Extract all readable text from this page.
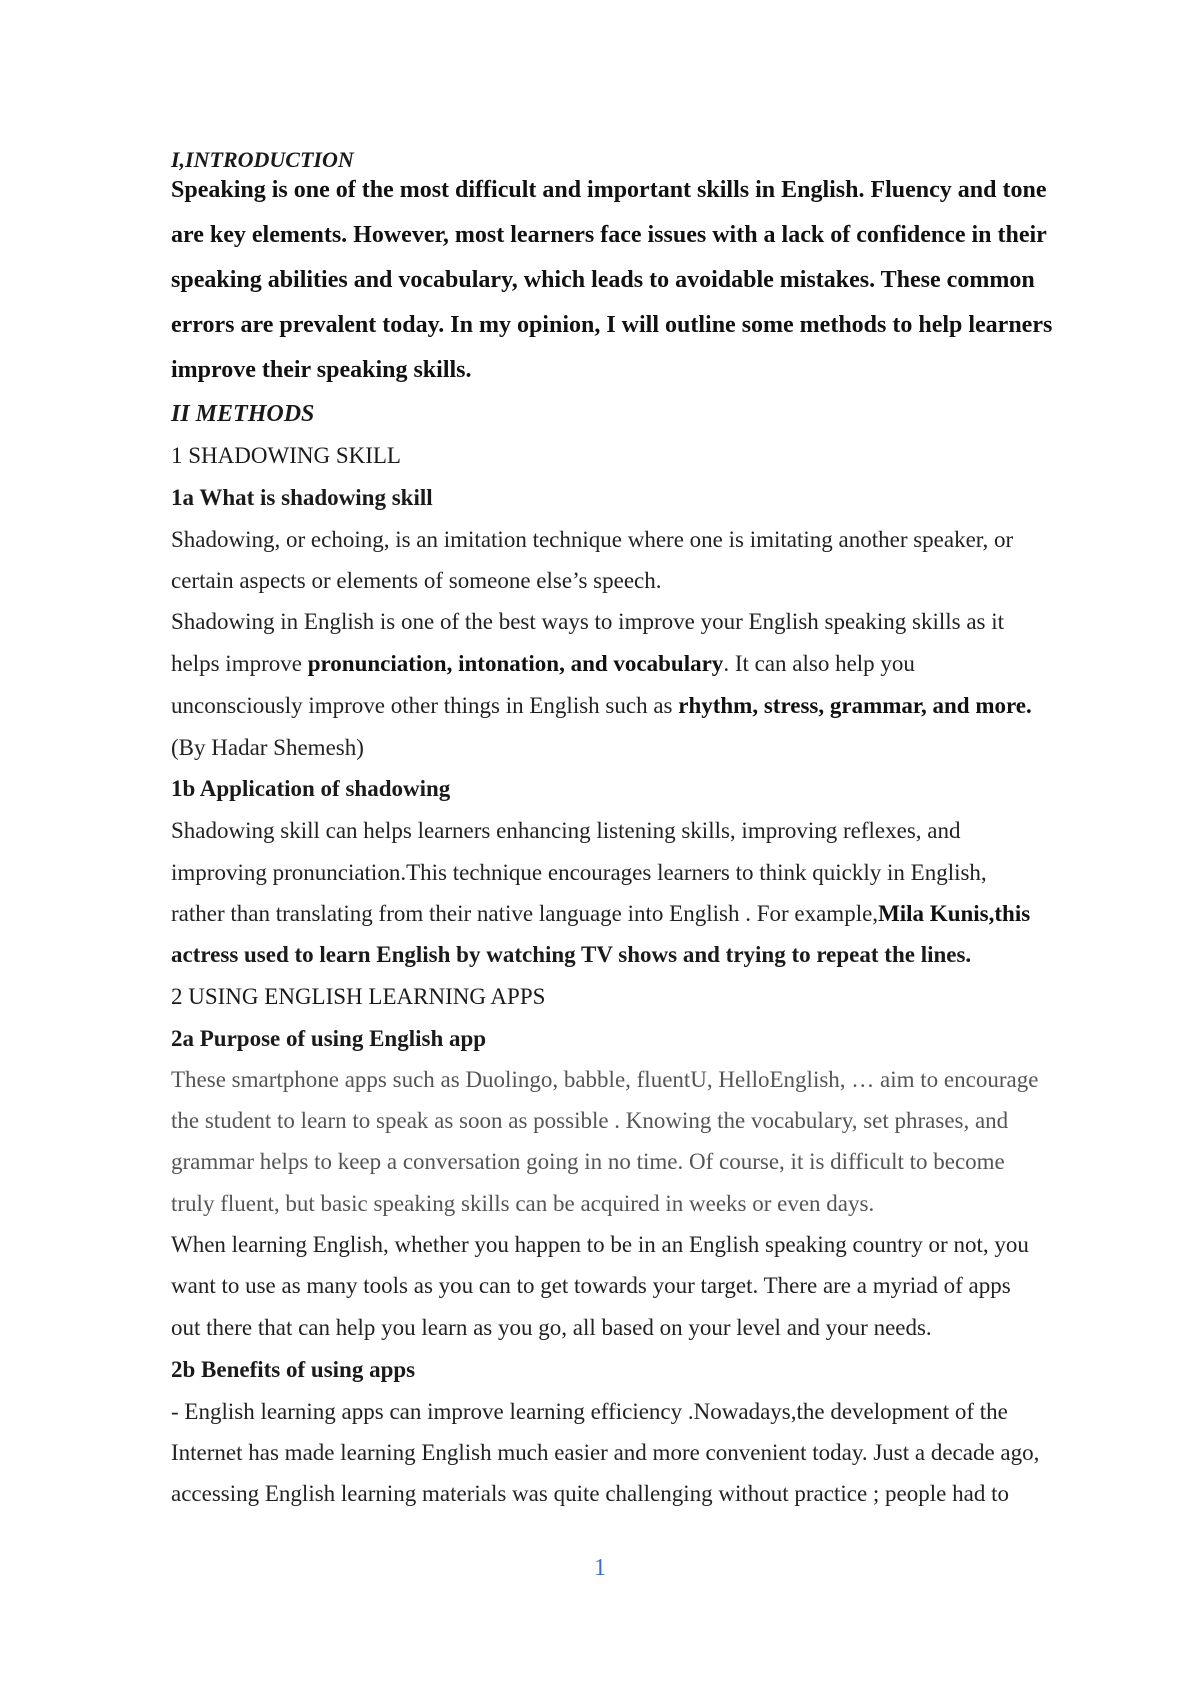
I,INTRODUCTION
Speaking is one of the most difficult and important skills in English. Fluency and tone
are key elements. However, most learners face issues with a lack of confidence in their
speaking abilities and vocabulary, which leads to avoidable mistakes. These common
errors are prevalent today. In my opinion, I will outline some methods to help learners
improve their speaking skills.
II METHODS
1 SHADOWING SKILL
1a What is shadowing skill
Shadowing, or echoing, is an imitation technique where one is imitating another speaker, or
certain aspects or elements of someone else’s speech.
Shadowing in English is one of the best ways to improve your English speaking skills as it
helps improve pronunciation, intonation, and vocabulary. It can also help you
unconsciously improve other things in English such as rhythm, stress, grammar, and more.
(By Hadar Shemesh)
1b Application of shadowing
Shadowing skill can helps learners enhancing listening skills, improving reflexes, and
improving pronunciation.This technique encourages learners to think quickly in English,
rather than translating from their native language into English . For example,Mila Kunis,this
actress used to learn English by watching TV shows and trying to repeat the lines.
2 USING ENGLISH LEARNING APPS
2a Purpose of using English app
These smartphone apps such as Duolingo, babble, fluentU, HelloEnglish, … aim to encourage
the student to learn to speak as soon as possible . Knowing the vocabulary, set phrases, and
grammar helps to keep a conversation going in no time. Of course, it is difficult to become
truly fluent, but basic speaking skills can be acquired in weeks or even days.
When learning English, whether you happen to be in an English speaking country or not, you
want to use as many tools as you can to get towards your target. There are a myriad of apps
out there that can help you learn as you go, all based on your level and your needs.
2b Benefits of using apps
- English learning apps can improve learning efficiency .Nowadays,the development of the
Internet has made learning English much easier and more convenient today. Just a decade ago,
accessing English learning materials was quite challenging without practice ; people had to
1
